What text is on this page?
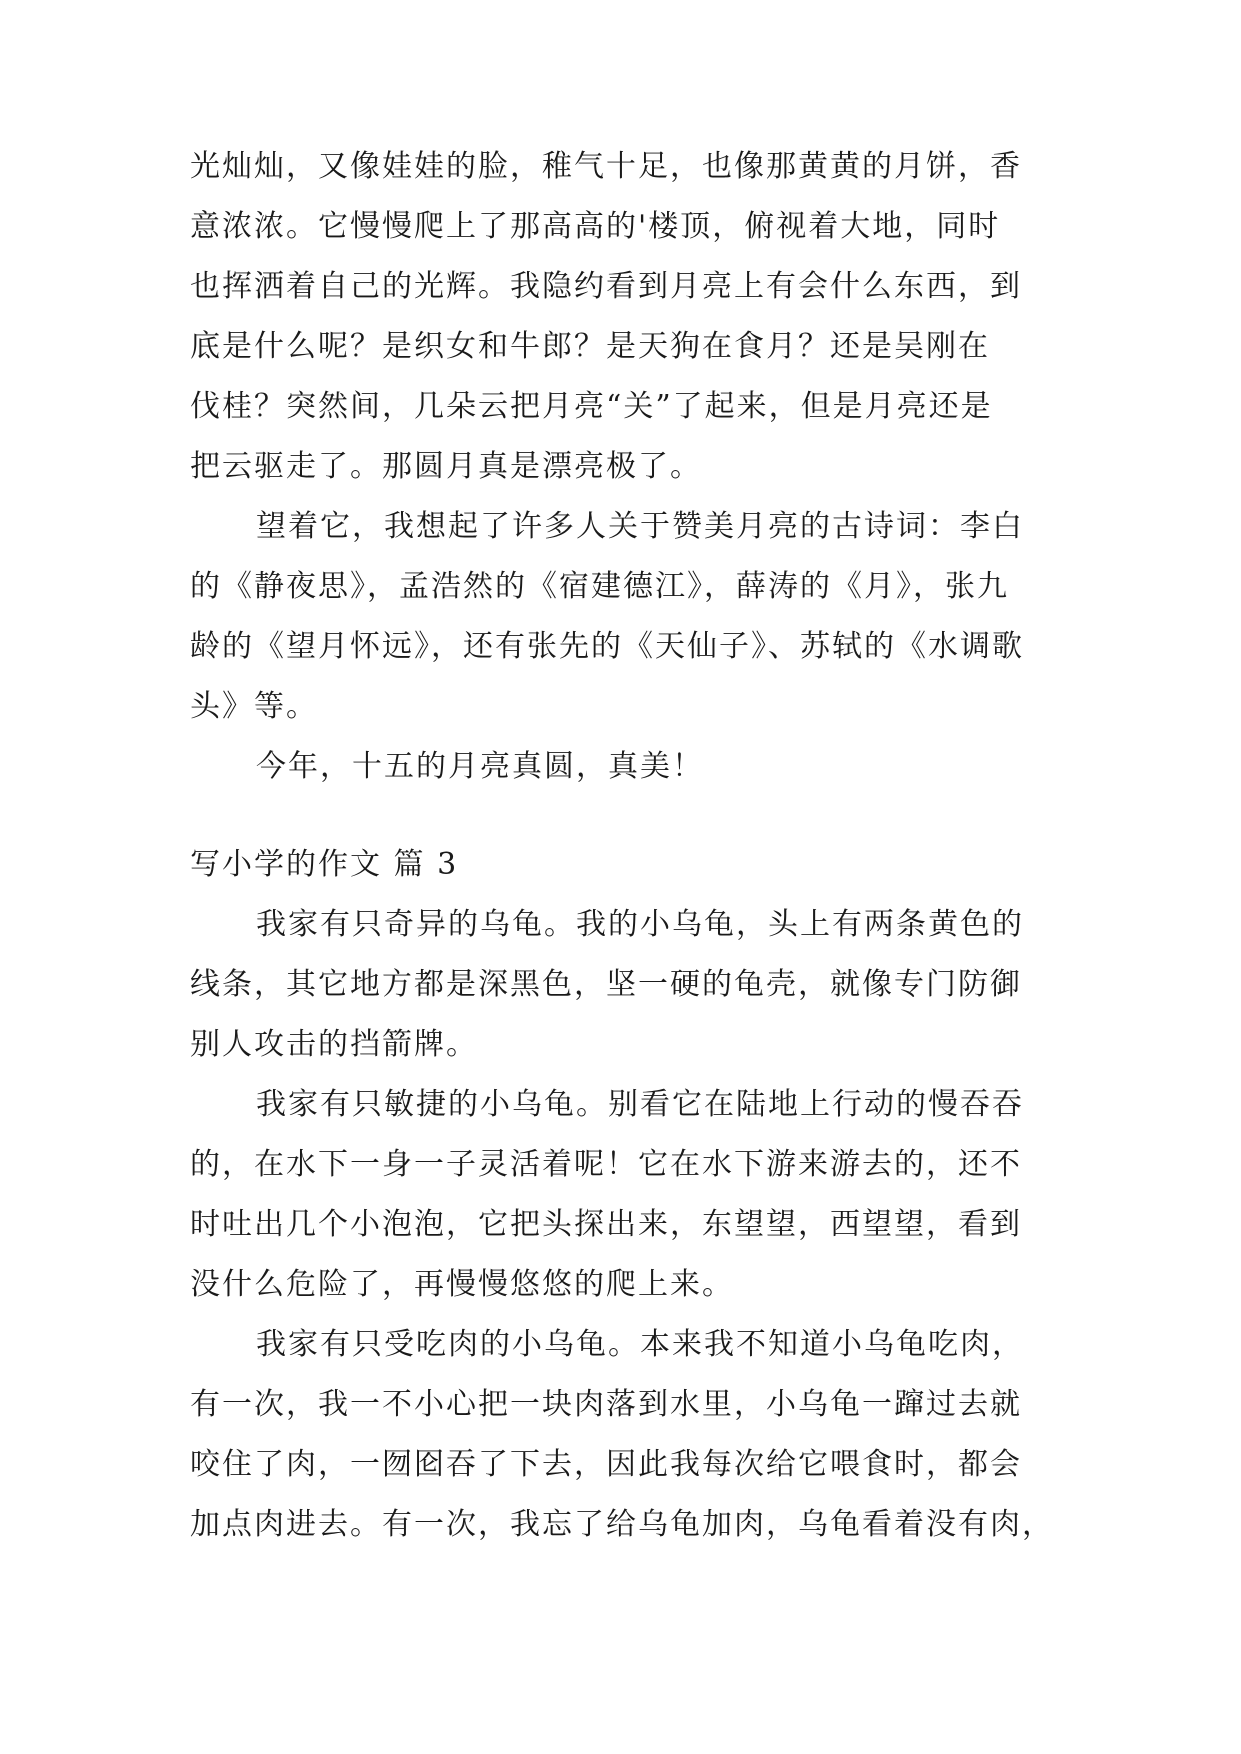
光灿灿，又像娃娃的脸，稚气十足，也像那黄黄的月饼，香
意浓浓。它慢慢爬上了那高高的'楼顶，俯视着大地，同时
也挥洒着自己的光辉。我隐约看到月亮上有会什么东西，到
底是什么呢？是织女和牛郎？是天狗在食月？还是吴刚在
伐桂？突然间，几朵云把月亮“关”了起来，但是月亮还是
把云驱走了。那圆月真是漂亮极了。
望着它，我想起了许多人关于赞美月亮的古诗词：李白
的《静夜思》，孟浩然的《宿建德江》，薛涛的《月》，张九
龄的《望月怀远》，还有张先的《天仙子》、苏轼的《水调歌
头》等。
今年，十五的月亮真圆，真美！
写小学的作文 篇 3
我家有只奇异的乌龟。我的小乌龟，头上有两条黄色的
线条，其它地方都是深黑色，坚一硬的龟壳，就像专门防御
别人攻击的挡箭牌。
我家有只敏捷的小乌龟。别看它在陆地上行动的慢吞吞
的，在水下一身一子灵活着呢！它在水下游来游去的，还不
时吐出几个小泡泡，它把头探出来，东望望，西望望，看到
没什么危险了，再慢慢悠悠的爬上来。
我家有只受吃肉的小乌龟。本来我不知道小乌龟吃肉，
有一次，我一不小心把一块肉落到水里，小乌龟一蹿过去就
咬住了肉，一囫囵吞了下去，因此我每次给它喂食时，都会
加点肉进去。有一次，我忘了给乌龟加肉，乌龟看着没有肉，
